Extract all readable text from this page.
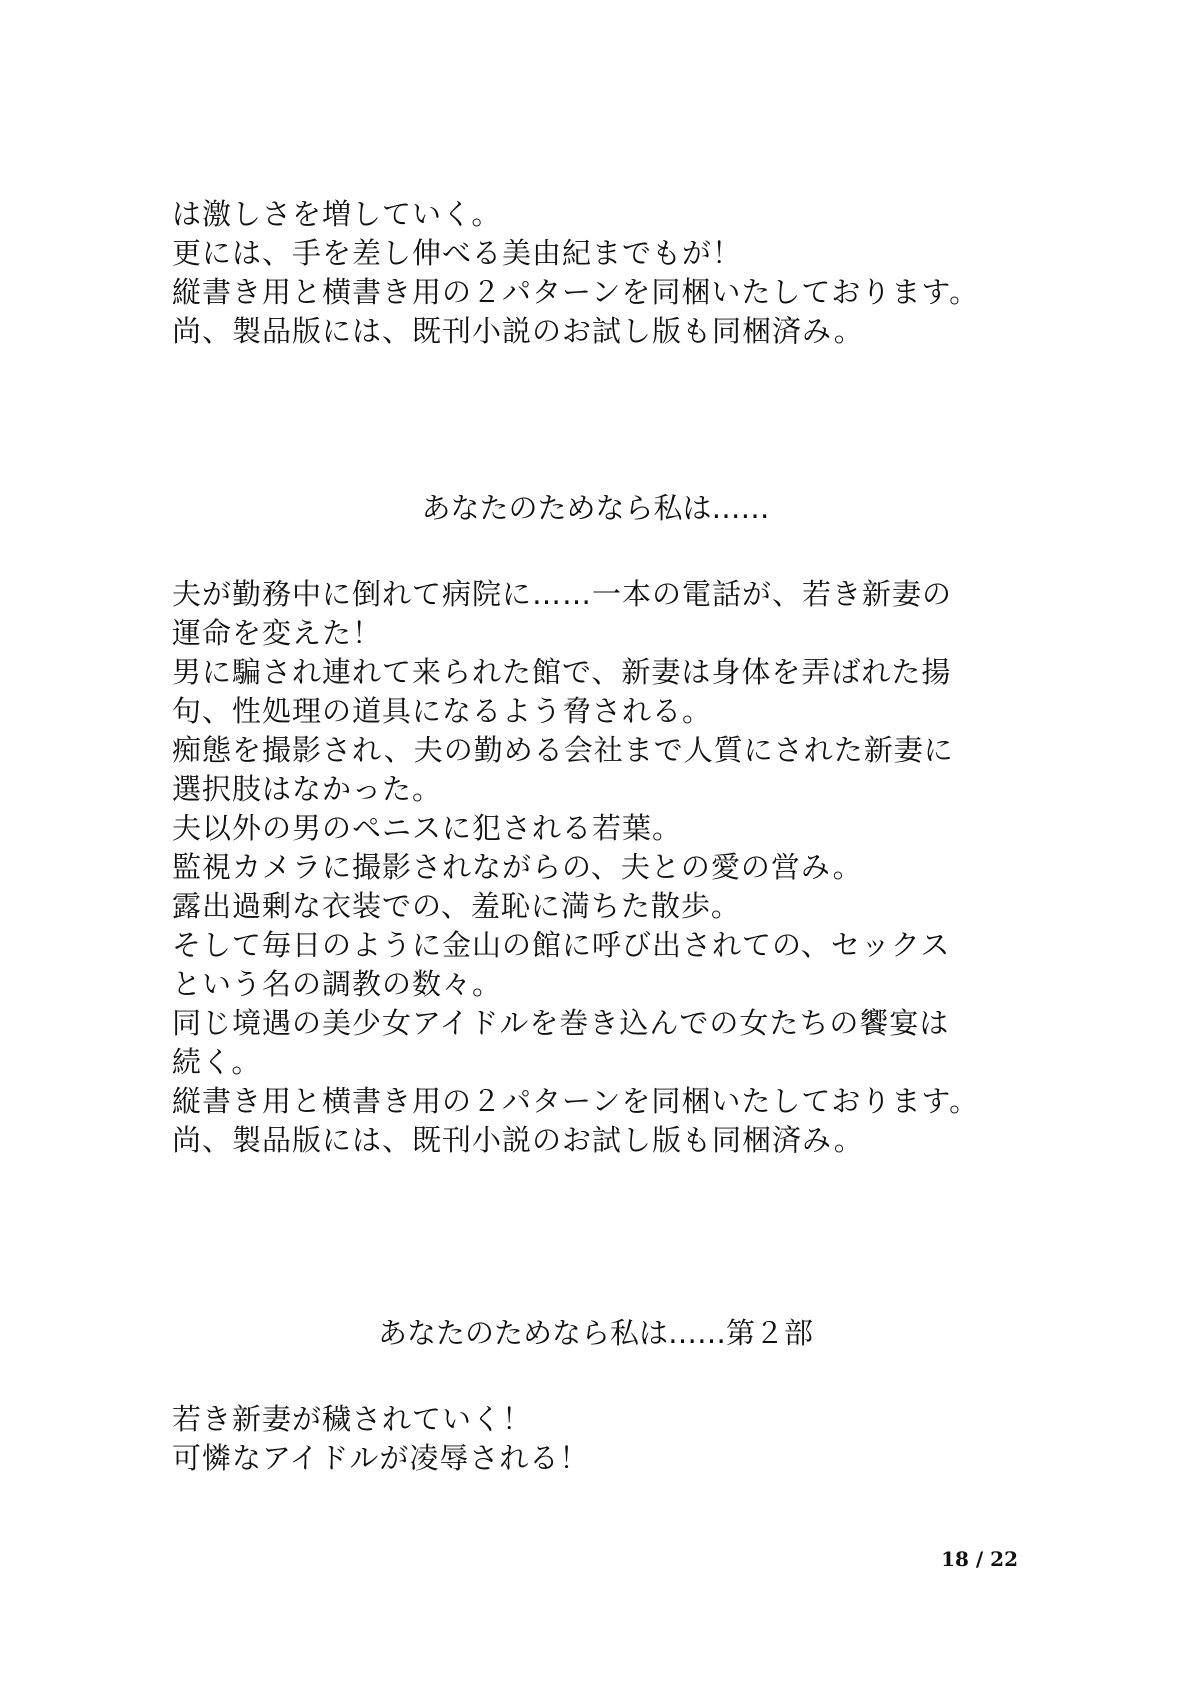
は激しさを増していく。
更には、手を差し伸べる美由紀までもが！
縦書き用と横書き用の２パターンを同梱いたしております。
尚、製品版には、既刊小説のお試し版も同梱済み。
あなたのためなら私は……
夫が勤務中に倒れて病院に……一本の電話が、若き新妻の
運命を変えた！
男に騙され連れて来られた館で、新妻は身体を弄ばれた揚
句、性処理の道具になるよう脅される。
痴態を撮影され、夫の勤める会社まで人質にされた新妻に
選択肢はなかった。
夫以外の男のペニスに犯される若葉。
監視カメラに撮影されながらの、夫との愛の営み。
露出過剰な衣装での、羞恥に満ちた散歩。
そして毎日のように金山の館に呼び出されての、セックス
という名の調教の数々。
同じ境遇の美少女アイドルを巻き込んでの女たちの饗宴は
続く。
縦書き用と横書き用の２パターンを同梱いたしております。
尚、製品版には、既刊小説のお試し版も同梱済み。
あなたのためなら私は……第２部
若き新妻が穢されていく！
可憐なアイドルが凌辱される！
18 / 22
